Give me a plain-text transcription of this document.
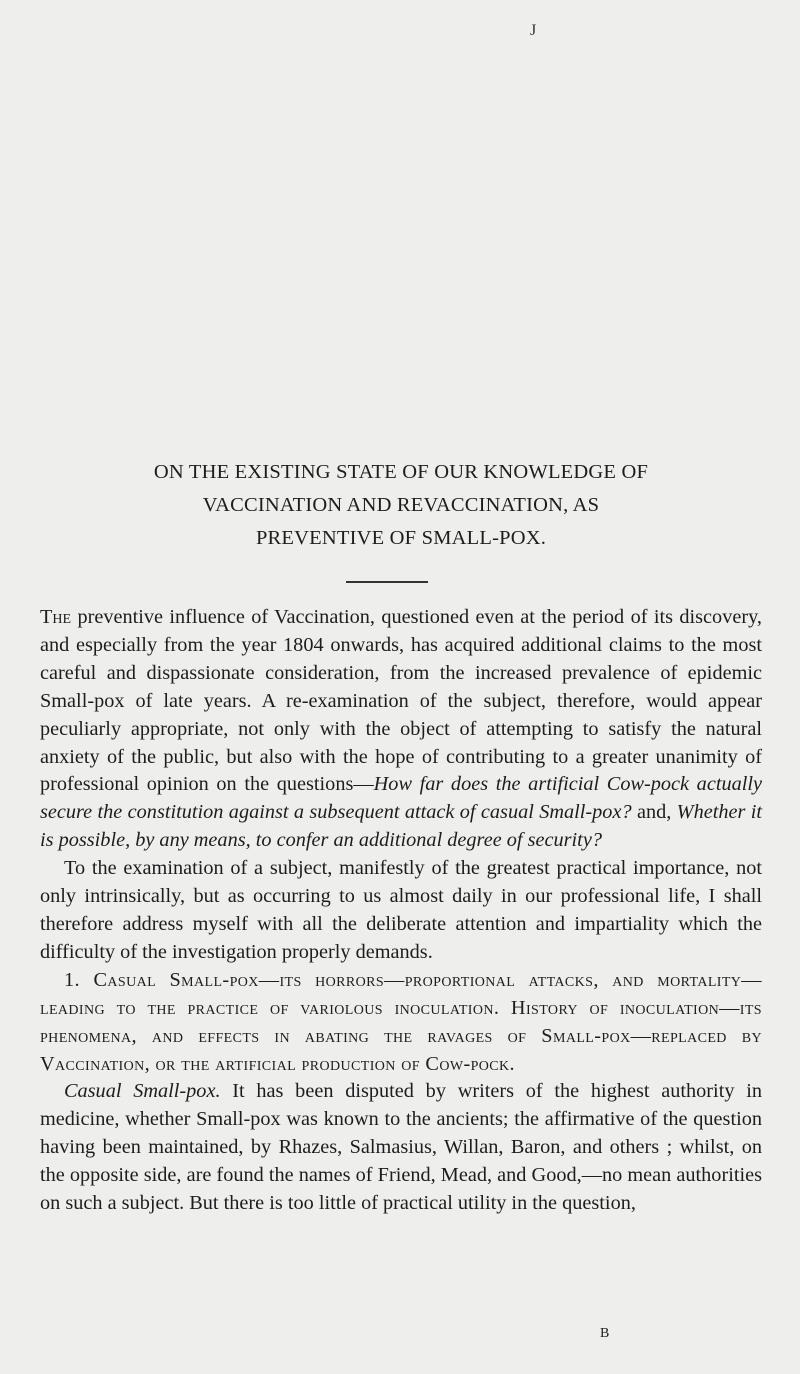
J
ON THE EXISTING STATE OF OUR KNOWLEDGE OF
VACCINATION AND REVACCINATION, AS
PREVENTIVE OF SMALL-POX.

The preventive influence of Vaccination, questioned even at the period of its discovery, and especially from the year 1804 onwards, has acquired additional claims to the most careful and dispassionate consideration, from the increased prevalence of epidemic Small-pox of late years. A re-examination of the subject, therefore, would appear peculiarly appropriate, not only with the object of attempting to satisfy the natural anxiety of the public, but also with the hope of contributing to a greater unanimity of professional opinion on the questions—How far does the artificial Cow-pock actually secure the constitution against a subsequent attack of casual Small-pox? and, Whether it is possible, by any means, to confer an additional degree of security?

To the examination of a subject, manifestly of the greatest practical importance, not only intrinsically, but as occurring to us almost daily in our professional life, I shall therefore address myself with all the deliberate attention and impartiality which the difficulty of the investigation properly demands.

1. Casual Small-pox—its horrors—proportional attacks, and mortality—leading to the practice of variolous inoculation. History of inoculation—its phenomena, and effects in abating the ravages of Small-pox—replaced by Vaccination, or the artificial production of Cow-pock.

Casual Small-pox. It has been disputed by writers of the highest authority in medicine, whether Small-pox was known to the ancients; the affirmative of the question having been maintained, by Rhazes, Salmasius, Willan, Baron, and others ; whilst, on the opposite side, are found the names of Friend, Mead, and Good,—no mean authorities on such a subject. But there is too little of practical utility in the question,

B
